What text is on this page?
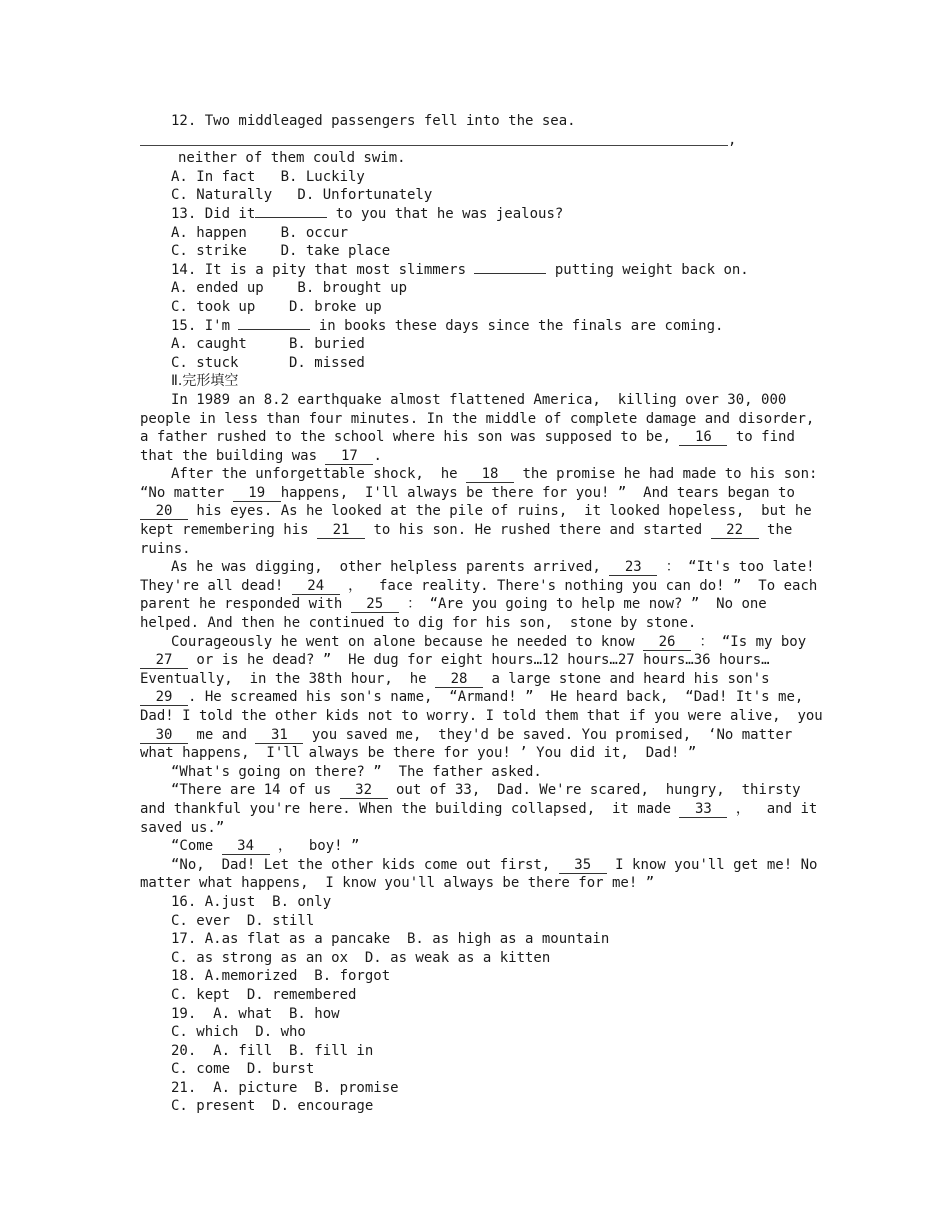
12. Two middleaged passengers fell into the sea.
,
neither of them could swim.
A. In fact   B. Luckily
C. Naturally   D. Unfortunately
13. Did it	to you that he was jealous?
A. happen    B. occur
C. strike    D. take place
14. It is a pity that most slimmers	putting weight back on.
A. ended up    B. brought up
C. took up    D. broke up
15. I'm	in books these days since the finals are coming.
A. caught     B. buried
C. stuck      D. missed
Ⅱ.完形填空
In 1989 an 8.2 earthquake almost flattened America,  killing over 30, 000
people in less than four minutes. In the middle of complete damage and disorder,
a father rushed to the school where his son was supposed to be, 16 to find
that the building was 17 .
After the unforgettable shock,  he 18 the promise he had made to his son:
“No matter 19 happens,  I'll always be there for you! ”  And tears began to
20 his eyes. As he looked at the pile of ruins,  it looked hopeless,  but he
kept remembering his 21 to his son. He rushed there and started 22 the
ruins.
As he was digging,  other helpless parents arrived, 23 ： “It's too late!
They're all dead! 24 ，  face reality. There's nothing you can do! ”  To each
parent he responded with 25 ： “Are you going to help me now? ”  No one
helped. And then he continued to dig for his son,  stone by stone.
Courageously he went on alone because he needed to know 26 ： “Is my boy
27 or is he dead? ”  He dug for eight hours…12 hours…27 hours…36 hours…
Eventually,  in the 38th hour,  he 28 a large stone and heard his son's
29 . He screamed his son's name,  “Armand! ”  He heard back,  “Dad! It's me,
Dad! I told the other kids not to worry. I told them that if you were alive,  you
30 me and 31 you saved me,  they'd be saved. You promised,  ‘No matter
what happens,  I'll always be there for you! ’ You did it,  Dad! ”
“What's going on there? ”  The father asked.
“There are 14 of us 32 out of 33,  Dad. We're scared,  hungry,  thirsty
and thankful you're here. When the building collapsed,  it made 33 ，  and it
saved us.”
“Come 34 ，  boy! ”
“No,  Dad! Let the other kids come out first, 35 I know you'll get me! No
matter what happens,  I know you'll always be there for me! ”
16. A.just  B. only
C. ever  D. still
17. A.as flat as a pancake  B. as high as a mountain
C. as strong as an ox  D. as weak as a kitten
18. A.memorized  B. forgot
C. kept  D. remembered
19.  A. what  B. how
C. which  D. who
20.  A. fill  B. fill in
C. come  D. burst
21.  A. picture  B. promise
C. present  D. encourage
